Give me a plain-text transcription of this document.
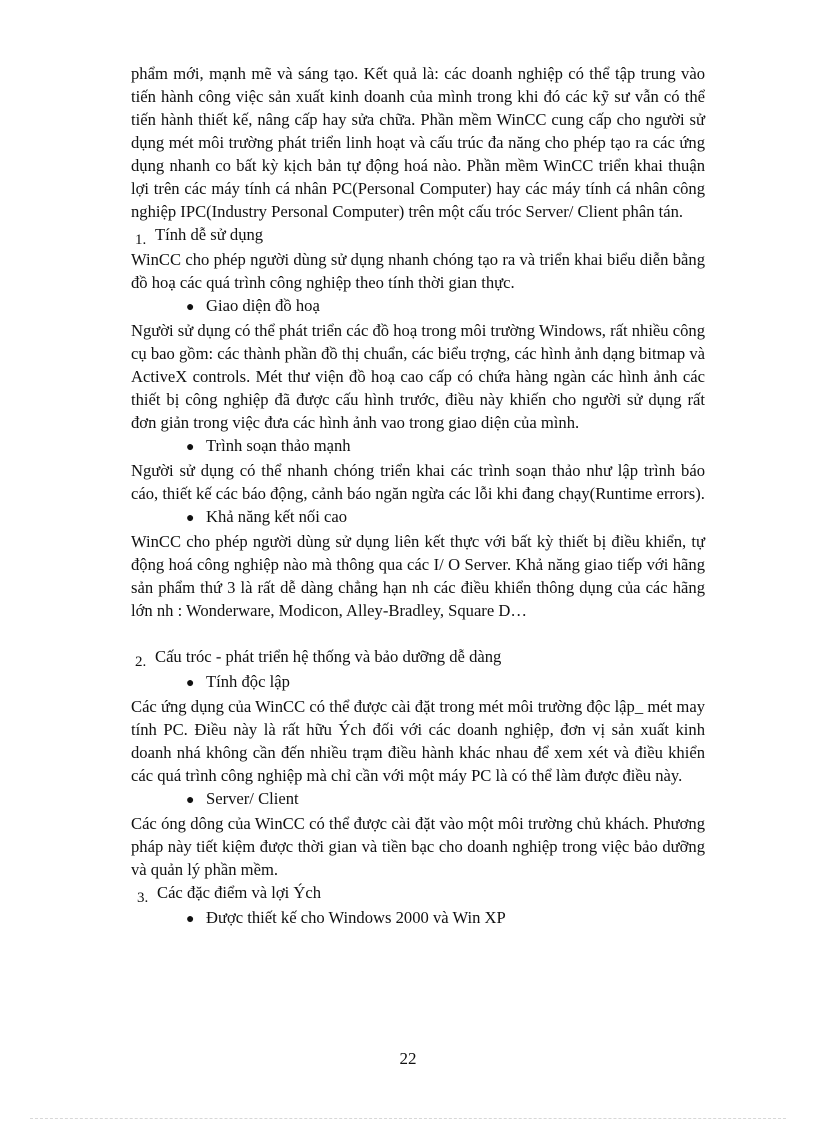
phẩm mới, mạnh mẽ và sáng tạo. Kết quả là: các doanh nghiệp có thể tập trung vào tiến hành công việc sản xuất kinh doanh của mình trong khi đó các kỹ sư vẫn có thể tiến hành thiết kế, nâng cấp hay sửa chữa. Phần mềm WinCC cung cấp cho người sử dụng mét môi trường phát triển linh hoạt và cấu trúc đa năng cho phép tạo ra các ứng dụng nhanh co bất kỳ kịch bản tự động hoá nào. Phần mềm WinCC triển khai thuận lợi trên các máy tính cá nhân PC(Personal Computer) hay các máy tính cá nhân công nghiệp IPC(Industry Personal Computer) trên một cấu tróc Server/ Client phân tán.

1. Tính dễ sử dụng

WinCC cho phép người dùng sử dụng nhanh chóng tạo ra và triển khai biểu diễn bằng đồ hoạ các quá trình công nghiệp theo tính thời gian thực.

● Giao diện đồ hoạ

Người sử dụng có thể phát triển các đồ hoạ trong môi trường Windows, rất nhiều công cụ bao gồm: các thành phần đồ thị chuẩn, các biểu trợng, các hình ảnh dạng bitmap và ActiveX controls. Mét thư viện đồ hoạ cao cấp có chứa hàng ngàn các hình ảnh các thiết bị công nghiệp đã được cấu hình trước, điều này khiến cho người sử dụng rất đơn giản trong việc đưa các hình ảnh vao trong giao diện của mình.

● Trình soạn thảo mạnh

Người sử dụng có thể nhanh chóng triển khai các trình soạn thảo như lập trình báo cáo, thiết kế các báo động, cảnh báo ngăn ngừa các lỗi khi đang chạy(Runtime errors).

● Khả năng kết nối cao

WinCC cho phép người dùng sử dụng liên kết thực với bất kỳ thiết bị điều khiển, tự động hoá công nghiệp nào mà thông qua các I/ O Server. Khả năng giao tiếp với hãng sản phẩm thứ 3 là rất dễ dàng chẳng hạn nh các điều khiển thông dụng của các hãng lớn nh : Wonderware, Modicon, Alley-Bradley, Square D…

2. Cấu tróc - phát triển hệ thống và bảo dưỡng dễ dàng
● Tính độc lập

Các ứng dụng của WinCC có thể được cài đặt trong mét môi trường độc lập_ mét may tính PC. Điều này là rất hữu Ých đối với các doanh nghiệp, đơn vị sản xuất kinh doanh nhá không cần đến nhiều trạm điều hành khác nhau để xem xét và điều khiển các quá trình công nghiệp mà chỉ cần với một máy PC là có thể làm được điều này.

● Server/ Client

Các óng dông của WinCC có thể được cài đặt vào một môi trường chủ khách. Phương pháp này tiết kiệm được thời gian và tiền bạc cho doanh nghiệp trong việc bảo dưỡng và quản lý phần mềm.

3. Các đặc điểm và lợi Ých
● Được thiết kế cho Windows 2000 và Win XP
22
